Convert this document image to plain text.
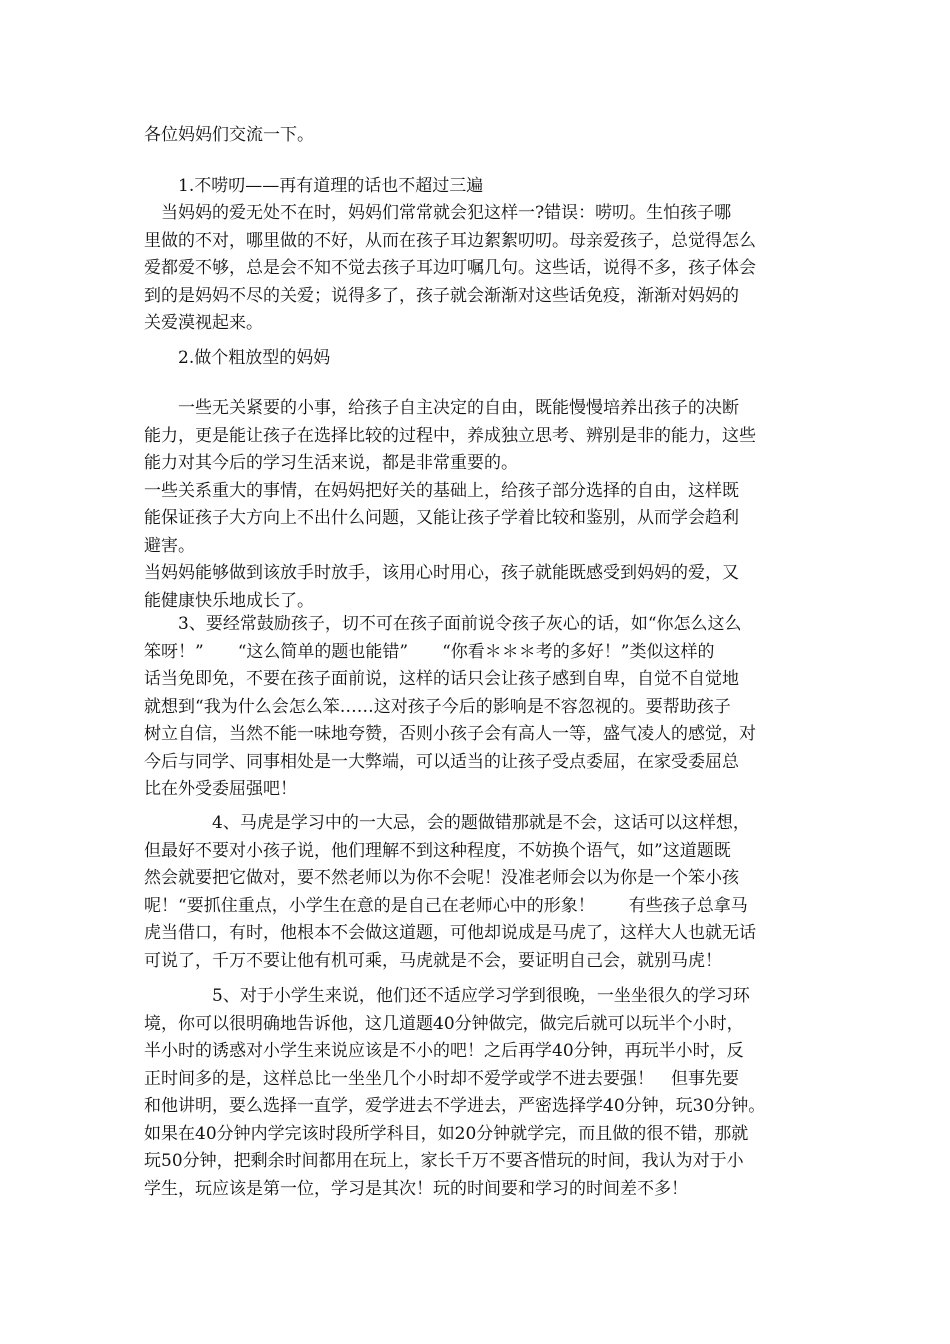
各位妈妈们交流一下。
　　1.不唠叨——再有道理的话也不超过三遍
　当妈妈的爱无处不在时，妈妈们常常就会犯这样一?错误：唠叨。生怕孩子哪
里做的不对，哪里做的不好，从而在孩子耳边絮絮叨叨。母亲爱孩子，总觉得怎么
爱都爱不够，总是会不知不觉去孩子耳边叮嘱几句。这些话，说得不多，孩子体会
到的是妈妈不尽的关爱；说得多了，孩子就会渐渐对这些话免疫，渐渐对妈妈的
关爱漠视起来。
　　2.做个粗放型的妈妈
　　一些无关紧要的小事，给孩子自主决定的自由，既能慢慢培养出孩子的决断
能力，更是能让孩子在选择比较的过程中，养成独立思考、辨别是非的能力，这些
能力对其今后的学习生活来说，都是非常重要的。
一些关系重大的事情，在妈妈把好关的基础上，给孩子部分选择的自由，这样既
能保证孩子大方向上不出什么问题，又能让孩子学着比较和鉴别，从而学会趋利
避害。
当妈妈能够做到该放手时放手，该用心时用心，孩子就能既感受到妈妈的爱，又
能健康快乐地成长了。
　　3、要经常鼓励孩子，切不可在孩子面前说令孩子灰心的话，如“你怎么这么
笨呀！”　　“这么简单的题也能错”　　“你看＊＊＊考的多好！”类似这样的
话当免即免，不要在孩子面前说，这样的话只会让孩子感到自卑，自觉不自觉地
就想到“我为什么会怎么笨……这对孩子今后的影响是不容忽视的。要帮助孩子
树立自信，当然不能一味地夸赞，否则小孩子会有高人一等，盛气凌人的感觉，对
今后与同学、同事相处是一大弊端，可以适当的让孩子受点委屈，在家受委屈总
比在外受委屈强吧！
　　　　4、马虎是学习中的一大忌，会的题做错那就是不会，这话可以这样想，
但最好不要对小孩子说，他们理解不到这种程度，不妨换个语气，如”这道题既
然会就要把它做对，要不然老师以为你不会呢！没准老师会以为你是一个笨小孩
呢！“要抓住重点，小学生在意的是自己在老师心中的形象！　　有些孩子总拿马
虎当借口，有时，他根本不会做这道题，可他却说成是马虎了，这样大人也就无话
可说了，千万不要让他有机可乘，马虎就是不会，要证明自己会，就别马虎！
　　　　5、对于小学生来说，他们还不适应学习学到很晚，一坐坐很久的学习环
境，你可以很明确地告诉他，这几道题40分钟做完，做完后就可以玩半个小时，
半小时的诱惑对小学生来说应该是不小的吧！之后再学40分钟，再玩半小时，反
正时间多的是，这样总比一坐坐几个小时却不爱学或学不进去要强！　但事先要
和他讲明，要么选择一直学，爱学进去不学进去，严密选择学40分钟，玩30分钟。
如果在40分钟内学完该时段所学科目，如20分钟就学完，而且做的很不错，那就
玩50分钟，把剩余时间都用在玩上，家长千万不要吝惜玩的时间，我认为对于小
学生，玩应该是第一位，学习是其次！玩的时间要和学习的时间差不多！
